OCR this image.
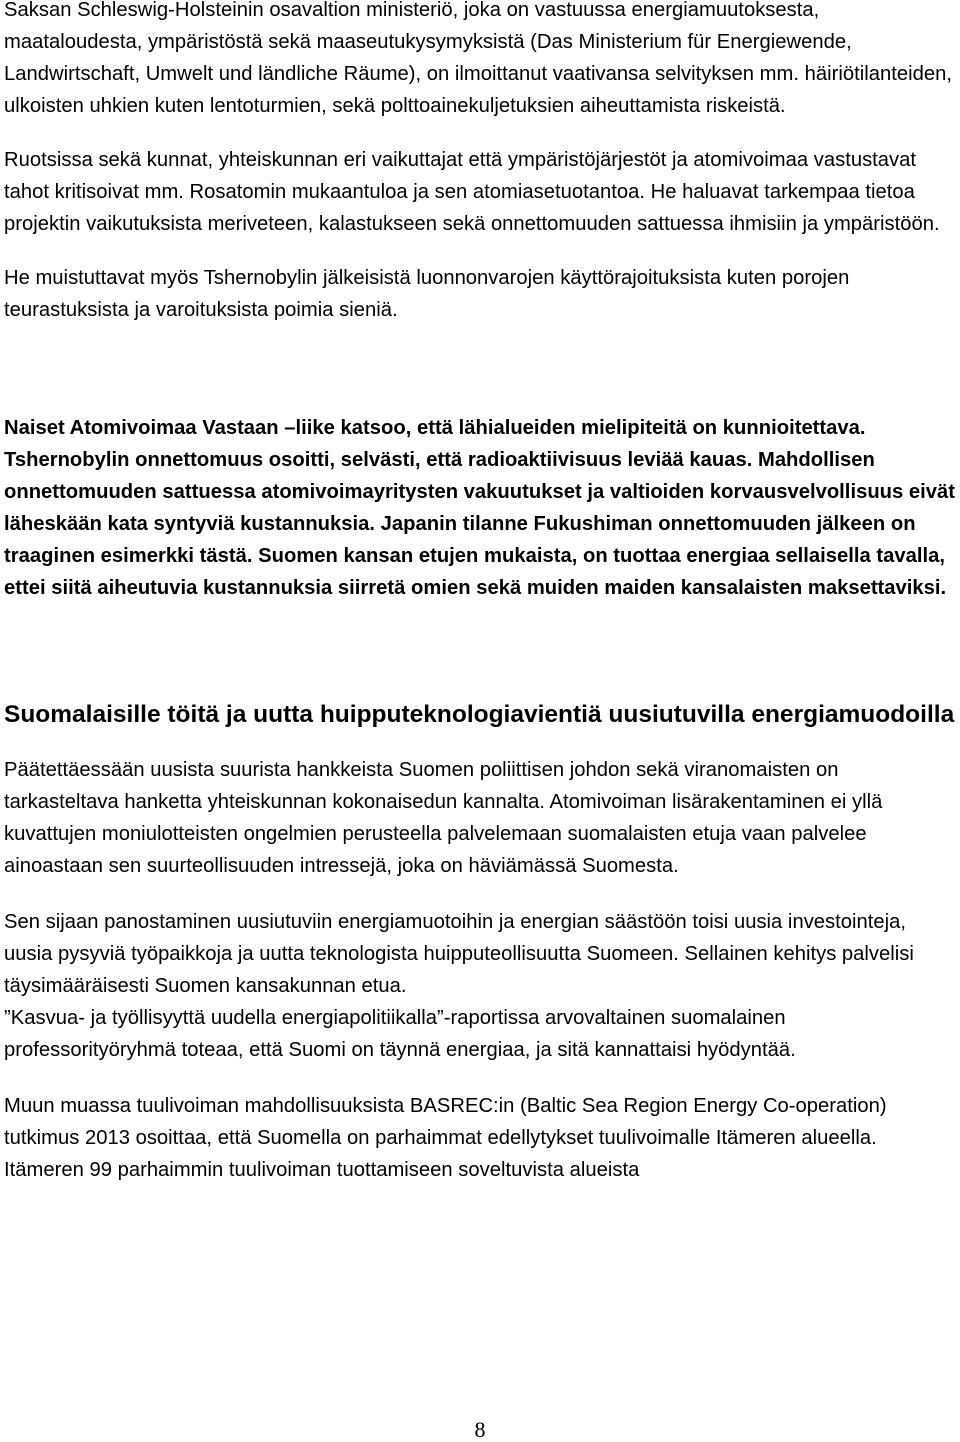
Saksan Schleswig-Holsteinin osavaltion ministeriö, joka on vastuussa energiamuutoksesta, maataloudesta, ympäristöstä sekä maaseutukysymyksistä (Das Ministerium für Energiewende, Landwirtschaft, Umwelt und ländliche Räume), on ilmoittanut vaativansa selvityksen mm. häiriötilanteiden, ulkoisten uhkien kuten lentoturmien, sekä polttoainekuljetuksien aiheuttamista riskeistä.

Ruotsissa sekä kunnat, yhteiskunnan eri vaikuttajat että ympäristöjärjestöt ja atomivoimaa vastustavat tahot kritisoivat mm. Rosatomin mukaantuloa ja sen atomiasetuotantoa. He haluavat tarkempaa tietoa projektin vaikutuksista meriveteen, kalastukseen sekä onnettomuuden sattuessa ihmisiin ja ympäristöön.

He muistuttavat myös Tshernobylin jälkeisistä luonnonvarojen käyttörajoituksista kuten porojen teurastuksista ja varoituksista poimia sieniä.

Naiset Atomivoimaa Vastaan –liike katsoo, että lähialueiden mielipiteitä on kunnioitettava. Tshernobylin onnettomuus osoitti, selvästi, että radioaktiivisuus leviää kauas. Mahdollisen onnettomuuden sattuessa atomivoimayritysten vakuutukset ja valtioiden korvausvelvollisuus eivät läheskään kata syntyviä kustannuksia. Japanin tilanne Fukushiman onnettomuuden jälkeen on traaginen esimerkki tästä. Suomen kansan etujen mukaista, on tuottaa energiaa sellaisella tavalla, ettei siitä aiheutuvia kustannuksia siirretä omien sekä muiden maiden kansalaisten maksettaviksi.

Suomalaisille töitä ja uutta huipputeknologiavientiä uusiutuvilla energiamuodoilla

Päätettäessään uusista suurista hankkeista Suomen poliittisen johdon sekä viranomaisten on tarkasteltava hanketta yhteiskunnan kokonaisedun kannalta. Atomivoiman lisärakentaminen ei yllä kuvattujen moniulotteisten ongelmien perusteella palvelemaan suomalaisten etuja vaan palvelee ainoastaan sen suurteollisuuden intressejä, joka on häviämässä Suomesta.

Sen sijaan panostaminen uusiutuviin energiamuotoihin ja energian säästöön toisi uusia investointeja, uusia pysyviä työpaikkoja ja uutta teknologista huipputeollisuutta Suomeen. Sellainen kehitys palvelisi täysimääräisesti Suomen kansakunnan etua.

”Kasvua- ja työllisyyttä uudella energiapolitiikalla”-raportissa arvovaltainen suomalainen professorityöryhmä toteaa, että Suomi on täynnä energiaa, ja sitä kannattaisi hyödyntää.

Muun muassa tuulivoiman mahdollisuuksista BASREC:in (Baltic Sea Region Energy Co-operation) tutkimus 2013 osoittaa, että Suomella on parhaimmat edellytykset tuulivoimalle Itämeren alueella. Itämeren 99 parhaimmin tuulivoiman tuottamiseen soveltuvista alueista

8
